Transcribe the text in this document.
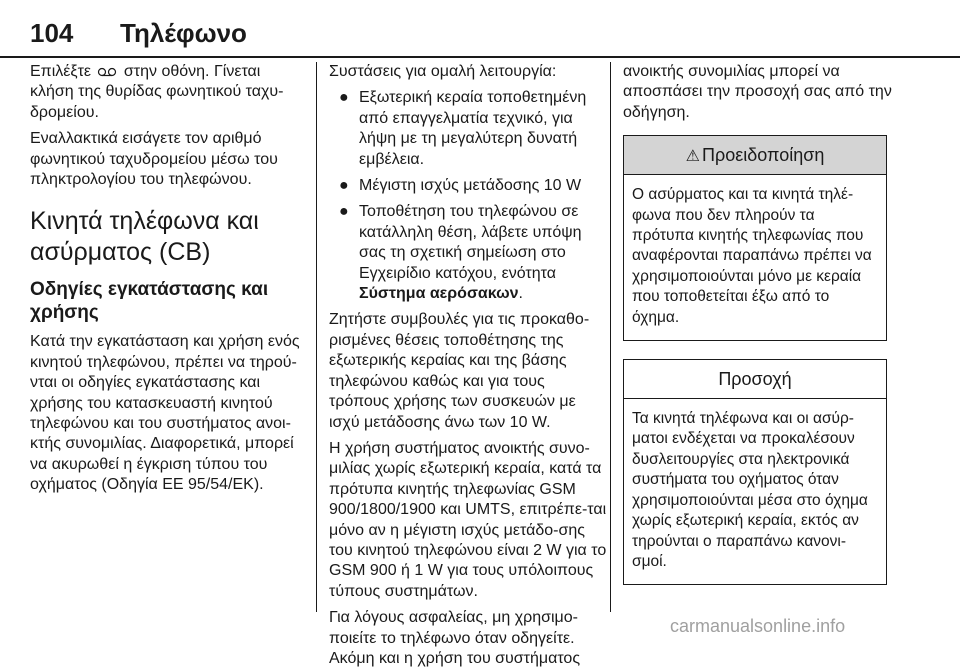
104 Τηλέφωνο

Επιλέξτε στην οθόνη. Γίνεται κλήση της θυρίδας φωνητικού ταχυ-δρομείου.

Εναλλακτικά εισάγετε τον αριθμό φωνητικού ταχυδρομείου μέσω του πληκτρολογίου του τηλεφώνου.

Κινητά τηλέφωνα και ασύρματος (CB)
Οδηγίες εγκατάστασης και χρήσης

Κατά την εγκατάσταση και χρήση ενός κινητού τηλεφώνου, πρέπει να τηρού-νται οι οδηγίες εγκατάστασης και χρήσης του κατασκευαστή κινητού τηλεφώνου και του συστήματος ανοι-κτής συνομιλίας. Διαφορετικά, μπορεί να ακυρωθεί η έγκριση τύπου του οχήματος (Οδηγία EE 95/54/EK).

Συστάσεις για ομαλή λειτουργία:

● Εξωτερική κεραία τοποθετημένη από επαγγελματία τεχνικό, για λήψη με τη μεγαλύτερη δυνατή εμβέλεια.
● Μέγιστη ισχύς μετάδοσης 10 W
● Τοποθέτηση του τηλεφώνου σε κατάλληλη θέση, λάβετε υπόψη σας τη σχετική σημείωση στο Εγχειρίδιο κατόχου, ενότητα Σύστημα αερόσακων.

Ζητήστε συμβουλές για τις προκαθο-ρισμένες θέσεις τοποθέτησης της εξωτερικής κεραίας και της βάσης τηλεφώνου καθώς και για τους τρόπους χρήσης των συσκευών με ισχύ μετάδοσης άνω των 10 W.

Η χρήση συστήματος ανοικτής συνο-μιλίας χωρίς εξωτερική κεραία, κατά τα πρότυπα κινητής τηλεφωνίας GSM 900/1800/1900 και UMTS, επιτρέπε-ται μόνο αν η μέγιστη ισχύς μετάδο-σης του κινητού τηλεφώνου είναι 2 W για το GSM 900 ή 1 W για τους υπόλοιπους τύπους συστημάτων.

Για λόγους ασφαλείας, μη χρησιμο-ποιείτε το τηλέφωνο όταν οδηγείτε. Ακόμη και η χρήση του συστήματος

ανοικτής συνομιλίας μπορεί να αποσπάσει την προσοχή σας από την οδήγηση.

⚠ Προειδοποίηση
Ο ασύρματος και τα κινητά τηλέ-φωνα που δεν πληρούν τα πρότυπα κινητής τηλεφωνίας που αναφέρονται παραπάνω πρέπει να χρησιμοποιούνται μόνο με κεραία που τοποθετείται έξω από το όχημα.
Προσοχή
Τα κινητά τηλέφωνα και οι ασύρ-ματοι ενδέχεται να προκαλέσουν δυσλειτουργίες στα ηλεκτρονικά συστήματα του οχήματος όταν χρησιμοποιούνται μέσα στο όχημα χωρίς εξωτερική κεραία, εκτός αν τηρούνται ο παραπάνω κανονι-σμοί.
carmanualsonline.info
